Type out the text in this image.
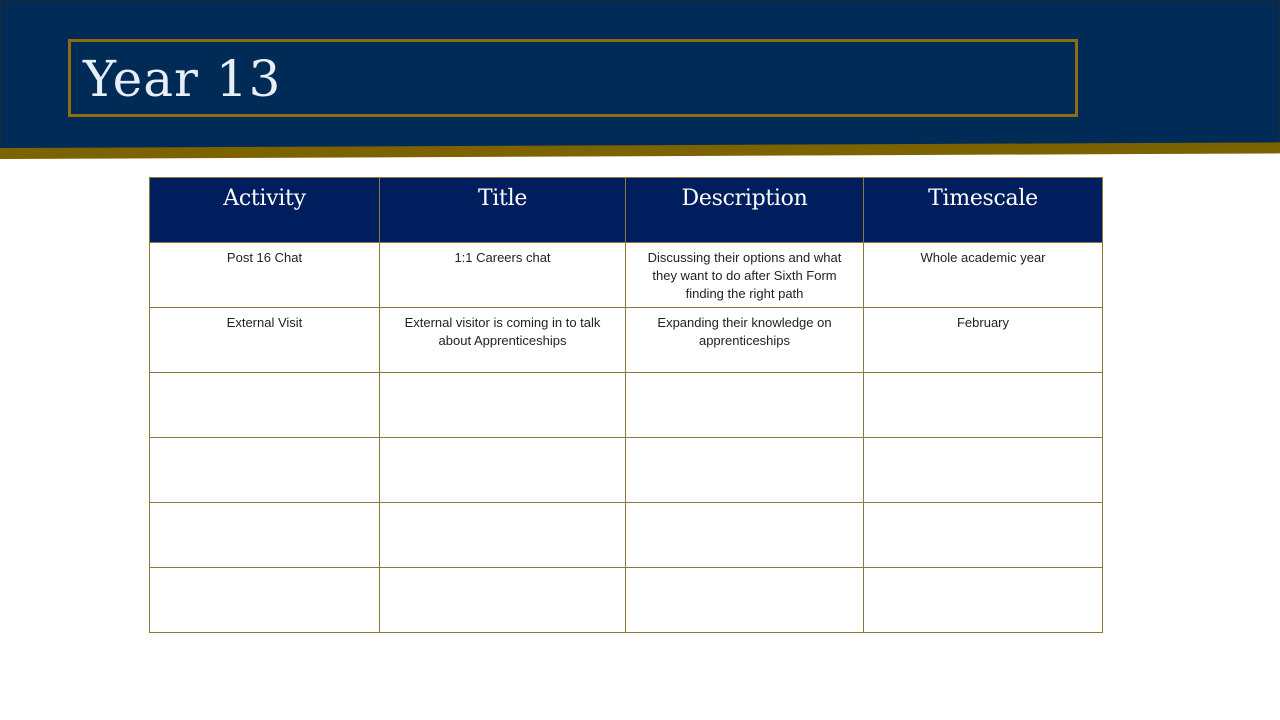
Year 13
Activity	Title	Description	Timescale
Post 16 Chat	1:1 Careers chat	Discussing their options and what they want to do after Sixth Form finding the right path	Whole academic year
External Visit	External visitor is coming in to talk about Apprenticeships	Expanding their knowledge on apprenticeships	February
